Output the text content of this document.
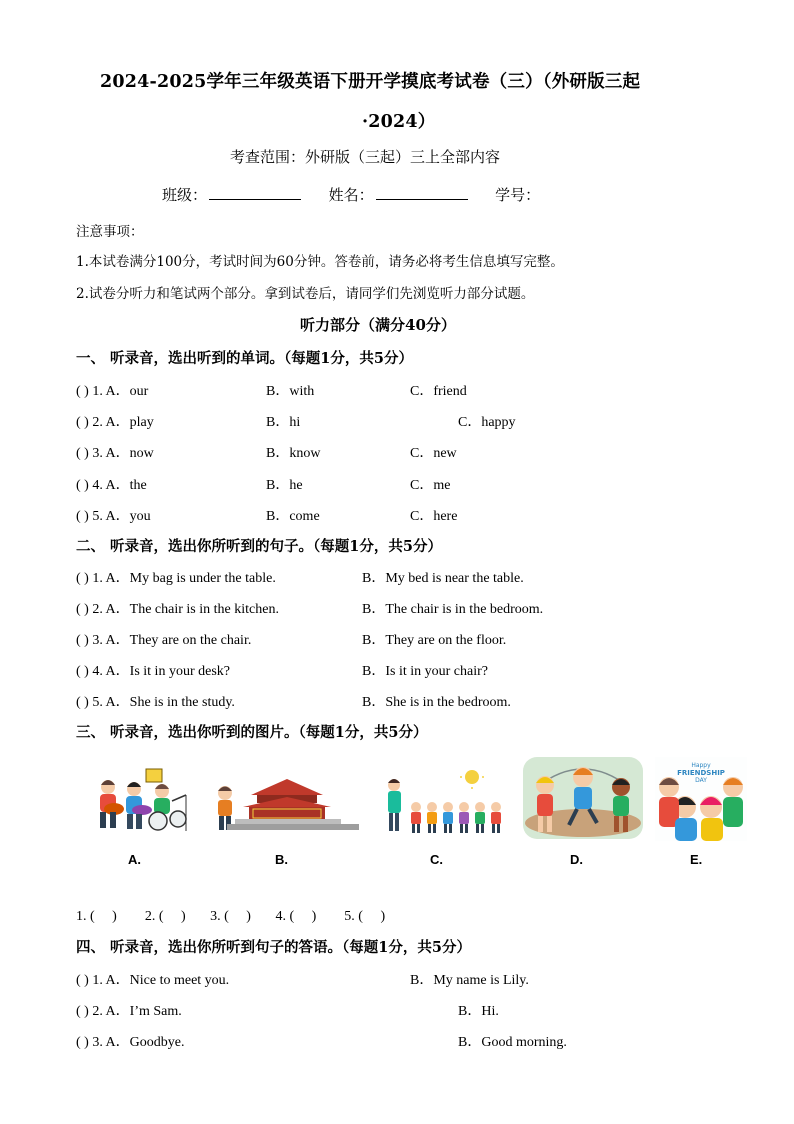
2024-2025学年三年级英语下册开学摸底考试卷（三）（外研版三起
·2024）
考查范围：外研版（三起）三上全部内容
班级：	姓名：	学号：
注意事项：
1.本试卷满分100分，考试时间为60分钟。答卷前，请务必将考生信息填写完整。
2.试卷分听力和笔试两个部分。拿到试卷后，请同学们先浏览听力部分试题。
听力部分（满分40分）
一、 听录音，选出听到的单词。（每题1分，共5分）
( ) 1. A．our	B．with	C．friend
( ) 2. A．play	B．hi	C．happy
( ) 3. A．now	B．know	C．new
( ) 4. A．the	B．he	C．me
( ) 5. A．you	B．come	C．here
二、 听录音，选出你所听到的句子。（每题1分，共5分）
( ) 1. A．My bag is under the table.	B．My bed is near the table.
( ) 2. A．The chair is in the kitchen.	B．The chair is in the bedroom.
( ) 3. A．They are on the chair.	B．They are on the floor.
( ) 4. A．Is it in your desk?	B．Is it in your chair?
( ) 5. A．She is in the study.	B．She is in the bedroom.
三、 听录音，选出你听到的图片。（每题1分，共5分）
Happy
FRIENDSHIP
DAY
A.	B.	C.	D.	E.
1. (     )        2. (     )       3. (     )       4. (     )        5. (     )
四、 听录音，选出你所听到句子的答语。（每题1分，共5分）
( ) 1. A．Nice to meet you.	B．My name is Lily.
( ) 2. A．I’m Sam.	B．Hi.
( ) 3. A．Goodbye.	B．Good morning.
